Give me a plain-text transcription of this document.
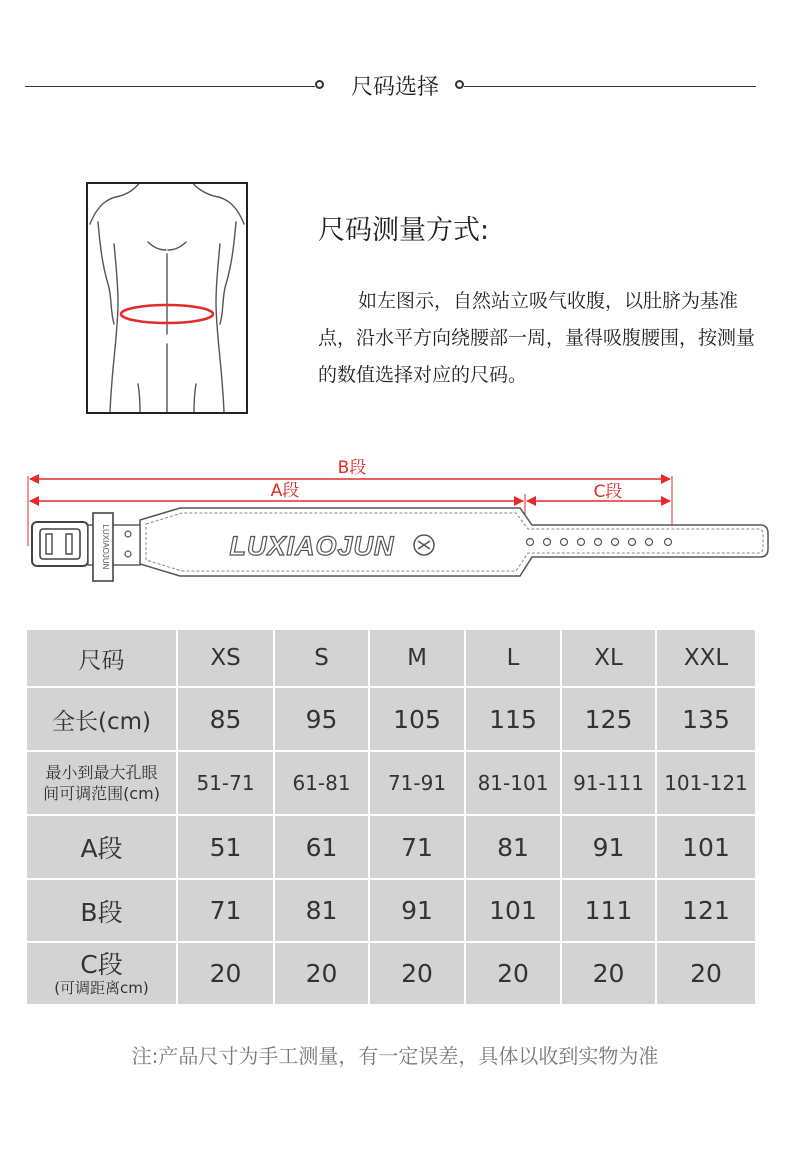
尺码选择
尺码测量方式:
如左图示，自然站立吸气收腹，以肚脐为基准点，沿水平方向绕腰部一周，量得吸腹腰围，按测量的数值选择对应的尺码。
B段
A段	C段
LUXIAOJUN
LUXIAOJUN
尺码	XS	S	M	L	XL	XXL
全长(cm)	85	95	105	115	125	135

最小到最大孔眼
间可调范围(cm)	51-71	61-81	71-91	81-101	91-111	101-121
A段	51	61	71	81	91	101
B段	71	81	91	101	111	121

C段
(可调距离cm)	20	20	20	20	20	20
注:产品尺寸为手工测量，有一定误差，具体以收到实物为准
